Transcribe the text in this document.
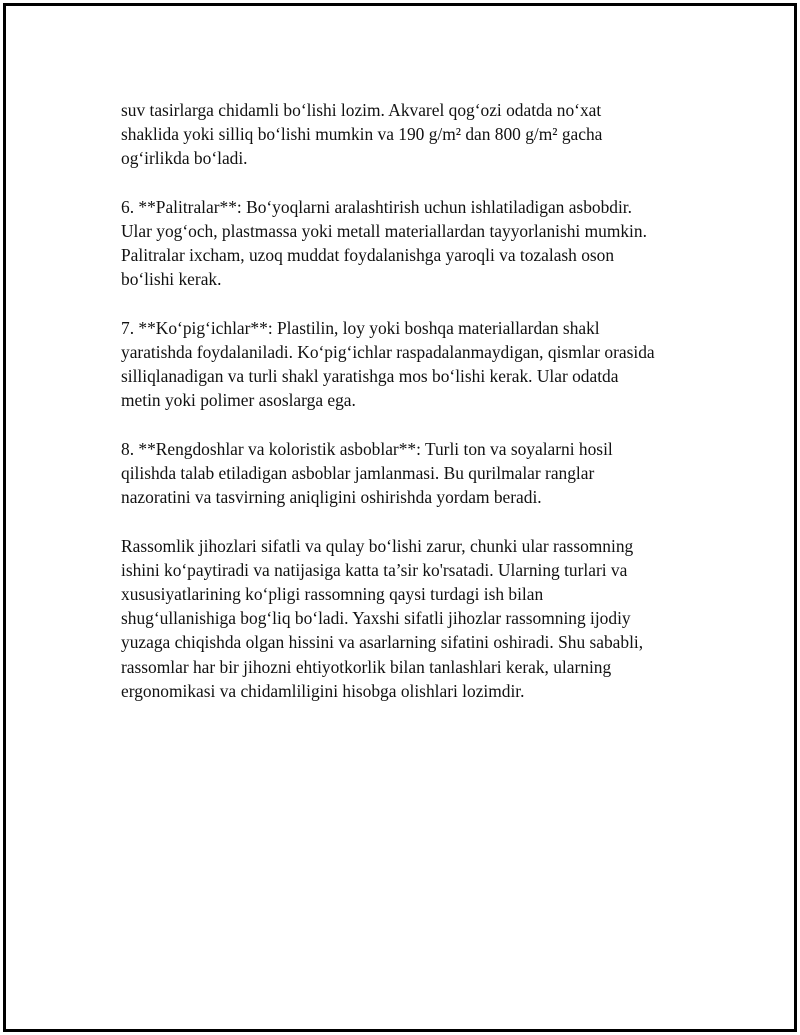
suv tasirlarga chidamli bo‘lishi lozim. Akvarel qog‘ozi odatda no‘xat
shaklida yoki silliq bo‘lishi mumkin va 190 g/m² dan 800 g/m² gacha
og‘irlikda bo‘ladi.

6. **Palitralar**: Bo‘yoqlarni aralashtirish uchun ishlatiladigan asbobdir.
Ular yog‘och, plastmassa yoki metall materiallardan tayyorlanishi mumkin.
Palitralar ixcham, uzoq muddat foydalanishga yaroqli va tozalash oson
bo‘lishi kerak.

7. **Ko‘pig‘ichlar**: Plastilin, loy yoki boshqa materiallardan shakl
yaratishda foydalaniladi. Ko‘pig‘ichlar raspadalanmaydigan, qismlar orasida
silliqlanadigan va turli shakl yaratishga mos bo‘lishi kerak. Ular odatda
metin yoki polimer asoslarga ega.

8. **Rengdoshlar va koloristik asboblar**: Turli ton va soyalarni hosil
qilishda talab etiladigan asboblar jamlanmasi. Bu qurilmalar ranglar
nazoratini va tasvirning aniqligini oshirishda yordam beradi.

Rassomlik jihozlari sifatli va qulay bo‘lishi zarur, chunki ular rassomning
ishini ko‘paytiradi va natijasiga katta ta’sir ko'rsatadi. Ularning turlari va
xususiyatlarining ko‘pligi rassomning qaysi turdagi ish bilan
shug‘ullanishiga bog‘liq bo‘ladi. Yaxshi sifatli jihozlar rassomning ijodiy
yuzaga chiqishda olgan hissini va asarlarning sifatini oshiradi. Shu sababli,
rassomlar har bir jihozni ehtiyotkorlik bilan tanlashlari kerak, ularning
ergonomikasi va chidamliligini hisobga olishlari lozimdir.
